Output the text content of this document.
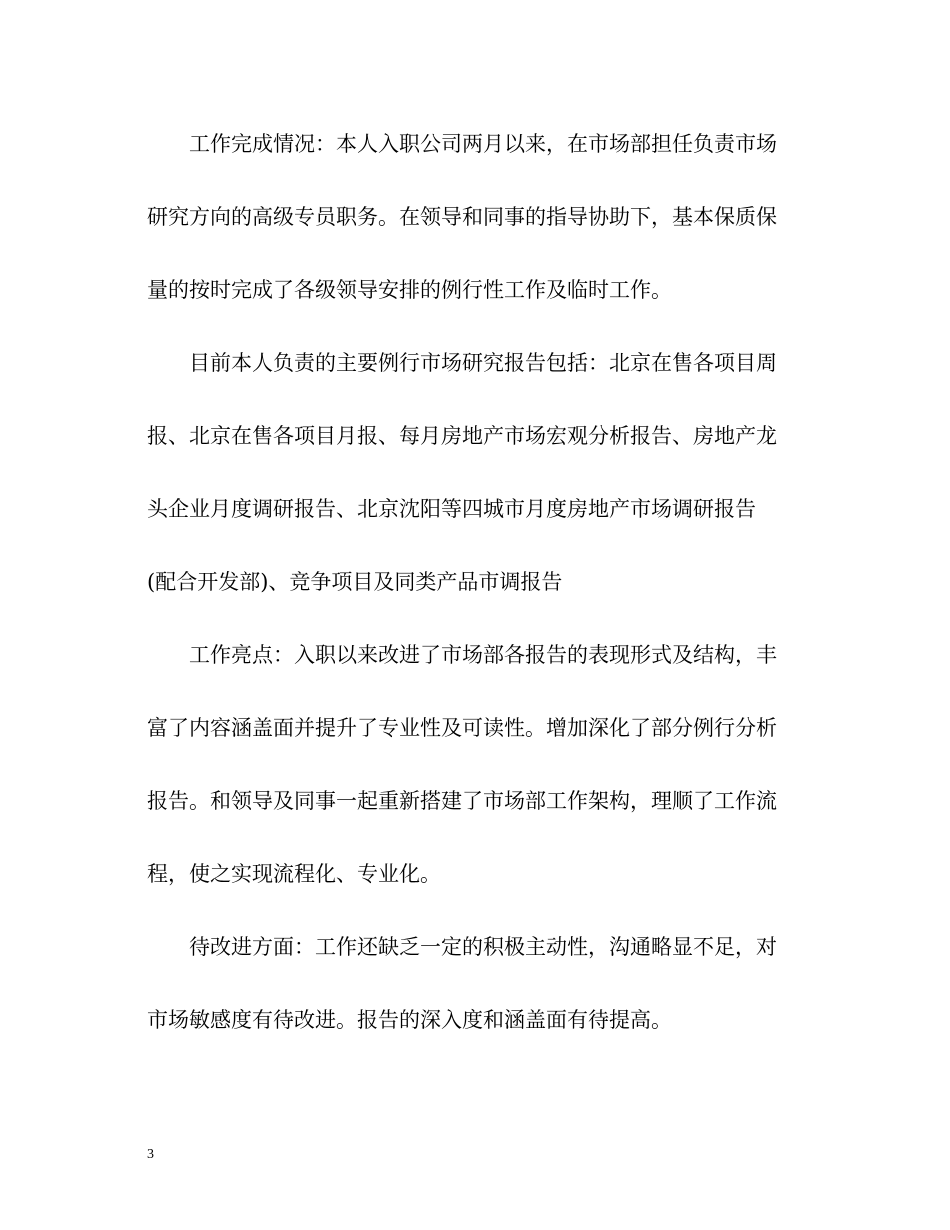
工作完成情况：本人入职公司两月以来，在市场部担任负责市场
研究方向的高级专员职务。在领导和同事的指导协助下，基本保质保
量的按时完成了各级领导安排的例行性工作及临时工作。

目前本人负责的主要例行市场研究报告包括：北京在售各项目周
报、北京在售各项目月报、每月房地产市场宏观分析报告、房地产龙
头企业月度调研报告、北京沈阳等四城市月度房地产市场调研报告
(配合开发部)、竞争项目及同类产品市调报告

工作亮点：入职以来改进了市场部各报告的表现形式及结构，丰
富了内容涵盖面并提升了专业性及可读性。增加深化了部分例行分析
报告。和领导及同事一起重新搭建了市场部工作架构，理顺了工作流
程，使之实现流程化、专业化。

待改进方面：工作还缺乏一定的积极主动性，沟通略显不足，对
市场敏感度有待改进。报告的深入度和涵盖面有待提高。

3
